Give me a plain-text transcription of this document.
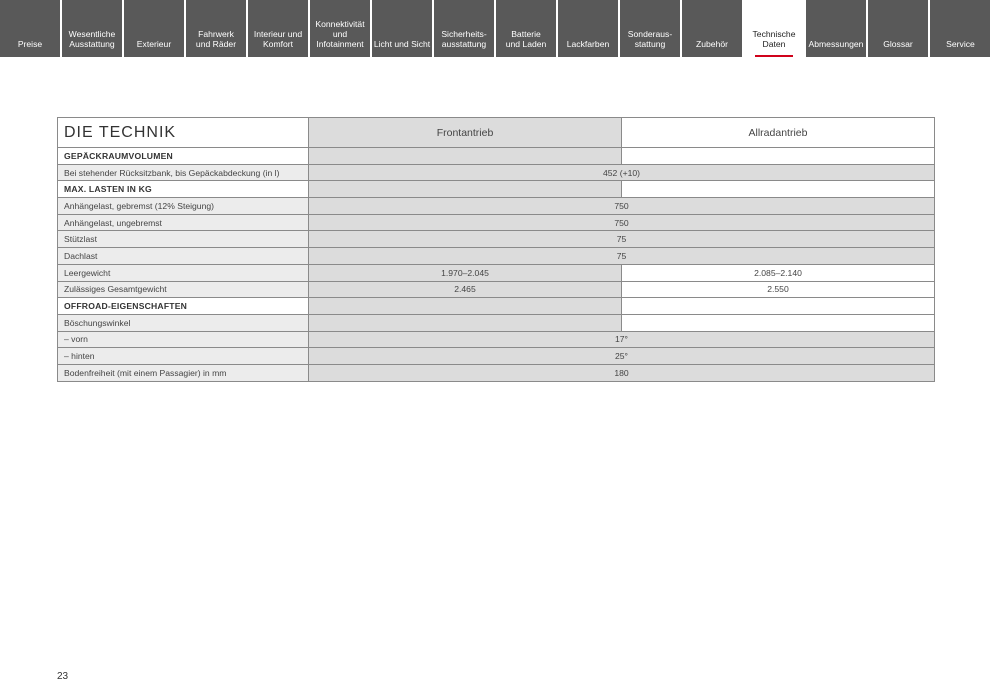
Preise
Wesentliche
Ausstattung	Exterieur
Fahrwerk
und Räder
Interieur und
Komfort
Konnektivität
und
Infotainment	Licht und Sicht
Sicherheits-
ausstattung
Batterie
und Laden	Lackfarben
Sonderaus-
stattung	Zubehör
Technische
Daten	Abmessungen	Glossar	Service
DIE TECHNIK	Frontantrieb	Allradantrieb
GEPÄCKRAUMVOLUMEN		
Bei stehender Rücksitzbank, bis Gepäckabdeckung (in l)	452 (+10)	
MAX. LASTEN IN KG		
Anhängelast, gebremst (12% Steigung)	750	
Anhängelast, ungebremst	750	
Stützlast	75	
Dachlast	75	
Leergewicht	1.970–2.045	2.085–2.140
Zulässiges Gesamtgewicht	2.465	2.550
OFFROAD-EIGENSCHAFTEN		
Böschungswinkel		
– vorn	17°	
– hinten	25°	
Bodenfreiheit (mit einem Passagier) in mm	180	
23
